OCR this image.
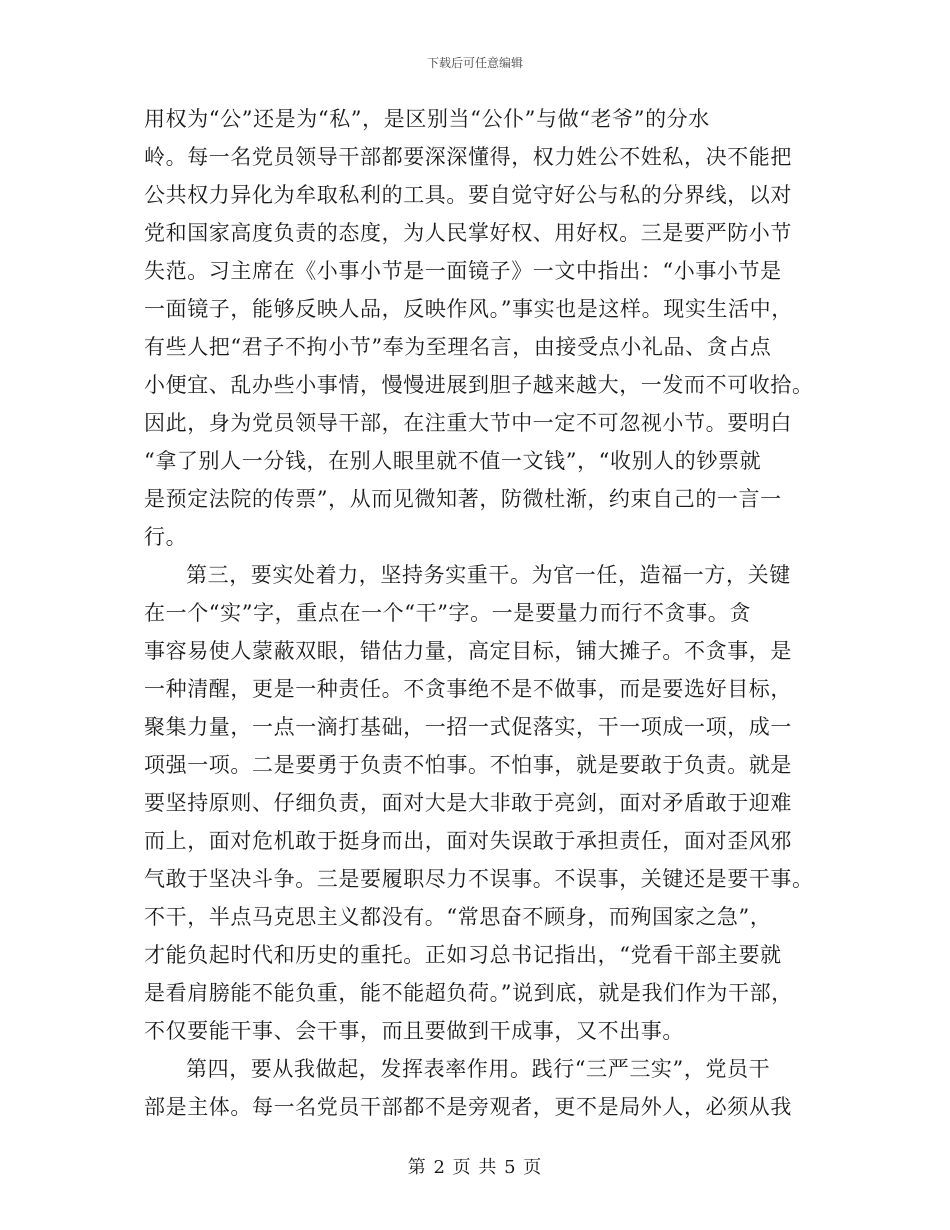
下载后可任意编辑
用权为“公”还是为“私”，是区别当“公仆”与做“老爷”的分水
岭。每一名党员领导干部都要深深懂得，权力姓公不姓私，决不能把
公共权力异化为牟取私利的工具。要自觉守好公与私的分界线，以对
党和国家高度负责的态度，为人民掌好权、用好权。三是要严防小节
失范。习主席在《小事小节是一面镜子》一文中指出：“小事小节是
一面镜子，能够反映人品，反映作风。”事实也是这样。现实生活中，
有些人把“君子不拘小节”奉为至理名言，由接受点小礼品、贪占点
小便宜、乱办些小事情，慢慢进展到胆子越来越大，一发而不可收拾。
因此，身为党员领导干部，在注重大节中一定不可忽视小节。要明白
“拿了别人一分钱，在别人眼里就不值一文钱”，“收别人的钞票就
是预定法院的传票”，从而见微知著，防微杜渐，约束自己的一言一
行。
第三，要实处着力，坚持务实重干。为官一任，造福一方，关键
在一个“实”字，重点在一个“干”字。一是要量力而行不贪事。贪
事容易使人蒙蔽双眼，错估力量，高定目标，铺大摊子。不贪事，是
一种清醒，更是一种责任。不贪事绝不是不做事，而是要选好目标，
聚集力量，一点一滴打基础，一招一式促落实，干一项成一项，成一
项强一项。二是要勇于负责不怕事。不怕事，就是要敢于负责。就是
要坚持原则、仔细负责，面对大是大非敢于亮剑，面对矛盾敢于迎难
而上，面对危机敢于挺身而出，面对失误敢于承担责任，面对歪风邪
气敢于坚决斗争。三是要履职尽力不误事。不误事，关键还是要干事。
不干，半点马克思主义都没有。“常思奋不顾身，而殉国家之急”，
才能负起时代和历史的重托。正如习总书记指出，“党看干部主要就
是看肩膀能不能负重，能不能超负荷。”说到底，就是我们作为干部，
不仅要能干事、会干事，而且要做到干成事，又不出事。
第四，要从我做起，发挥表率作用。践行“三严三实”，党员干
部是主体。每一名党员干部都不是旁观者，更不是局外人，必须从我
第 2 页 共 5 页
